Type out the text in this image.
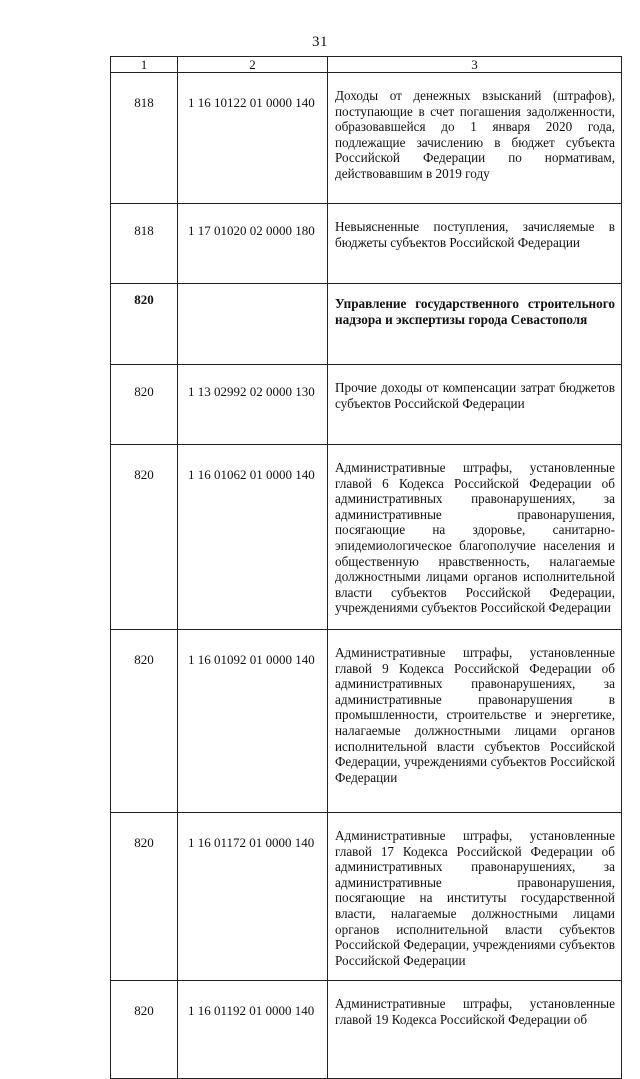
31
1	2	3
818	1 16 10122 01 0000 140	Доходы от денежных взысканий (штрафов), поступающие в счет погашения задолженности, образовавшейся до 1 января 2020 года, подлежащие зачислению в бюджет субъекта Российской Федерации по нормативам, действовавшим в 2019 году
818	1 17 01020 02 0000 180	Невыясненные поступления, зачисляемые в бюджеты субъектов Российской Федерации
820		Управление государственного строительного надзора и экспертизы города Севастополя
820	1 13 02992 02 0000 130	Прочие доходы от компенсации затрат бюджетов субъектов Российской Федерации
820	1 16 01062 01 0000 140	Административные штрафы, установленные главой 6 Кодекса Российской Федерации об административных правонарушениях, за административные правонарушения, посягающие на здоровье, санитарно-эпидемиологическое благополучие населения и общественную нравственность, налагаемые должностными лицами органов исполнительной власти субъектов Российской Федерации, учреждениями субъектов Российской Федерации
820	1 16 01092 01 0000 140	Административные штрафы, установленные главой 9 Кодекса Российской Федерации об административных правонарушениях, за административные правонарушения в промышленности, строительстве и энергетике, налагаемые должностными лицами органов исполнительной власти субъектов Российской Федерации, учреждениями субъектов Российской Федерации
820	1 16 01172 01 0000 140	Административные штрафы, установленные главой 17 Кодекса Российской Федерации об административных правонарушениях, за административные правонарушения, посягающие на институты государственной власти, налагаемые должностными лицами органов исполнительной власти субъектов Российской Федерации, учреждениями субъектов Российской Федерации
820	1 16 01192 01 0000 140	Административные штрафы, установленные главой 19 Кодекса Российской Федерации об
